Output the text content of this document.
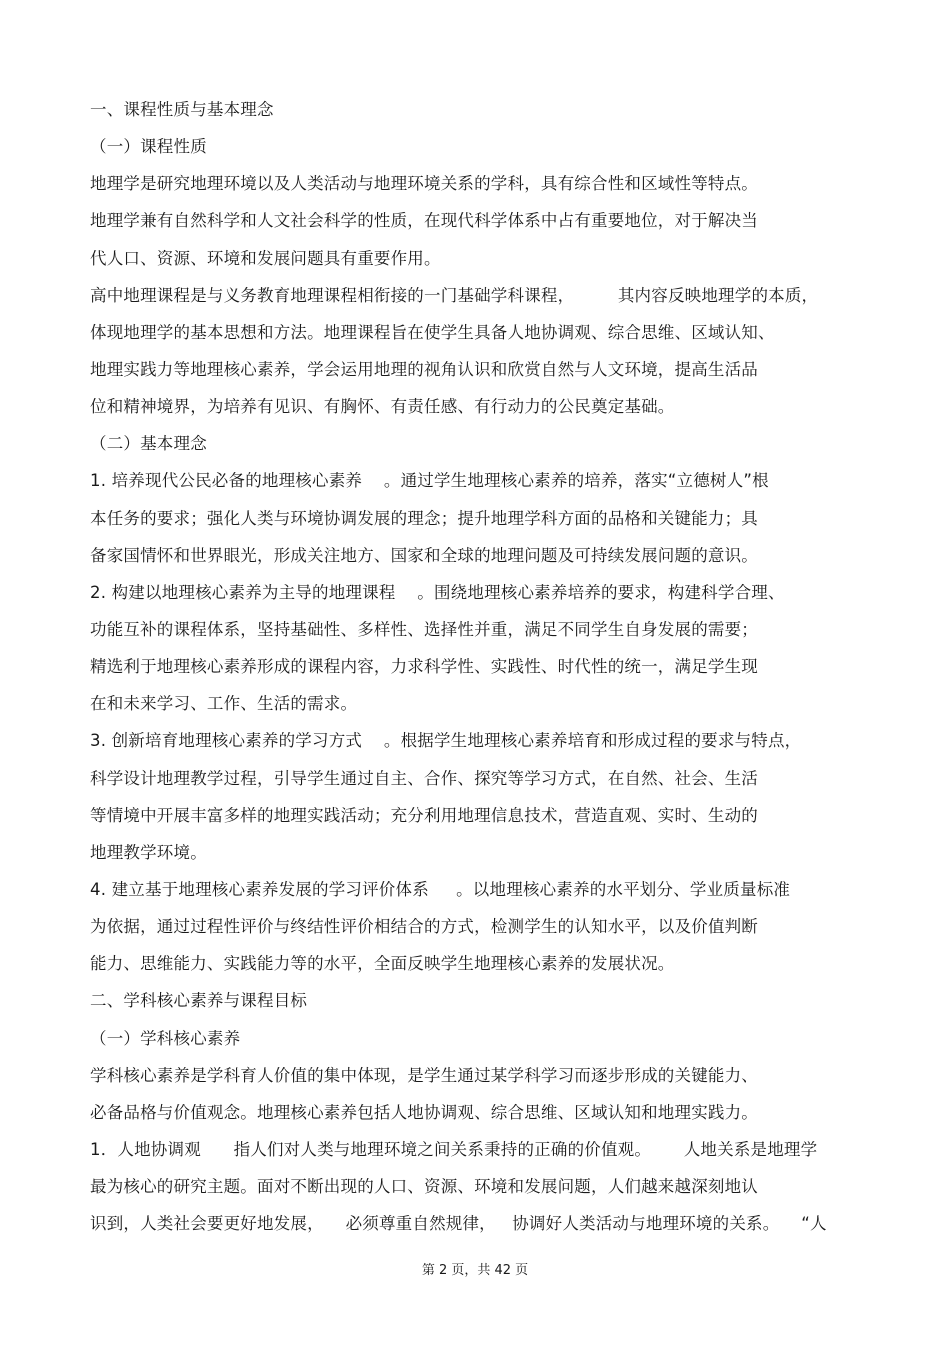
一、课程性质与基本理念
（一）课程性质
地理学是研究地理环境以及人类活动与地理环境关系的学科，具有综合性和区域性等特点。
地理学兼有自然科学和人文社会科学的性质，在现代科学体系中占有重要地位，对于解决当
代人口、资源、环境和发展问题具有重要作用。
高中地理课程是与义务教育地理课程相衔接的一门基础学科课程，        其内容反映地理学的本质，
体现地理学的基本思想和方法。地理课程旨在使学生具备人地协调观、综合思维、区域认知、
地理实践力等地理核心素养，学会运用地理的视角认识和欣赏自然与人文环境，提高生活品
位和精神境界，为培养有见识、有胸怀、有责任感、有行动力的公民奠定基础。
（二）基本理念
1. 培养现代公民必备的地理核心素养    。通过学生地理核心素养的培养，落实“立德树人”根
本任务的要求；强化人类与环境协调发展的理念；提升地理学科方面的品格和关键能力；具
备家国情怀和世界眼光，形成关注地方、国家和全球的地理问题及可持续发展问题的意识。
2. 构建以地理核心素养为主导的地理课程    。围绕地理核心素养培养的要求，构建科学合理、
功能互补的课程体系，坚持基础性、多样性、选择性并重，满足不同学生自身发展的需要；
精选利于地理核心素养形成的课程内容，力求科学性、实践性、时代性的统一，满足学生现
在和未来学习、工作、生活的需求。
3. 创新培育地理核心素养的学习方式    。根据学生地理核心素养培育和形成过程的要求与特点，
科学设计地理教学过程，引导学生通过自主、合作、探究等学习方式，在自然、社会、生活
等情境中开展丰富多样的地理实践活动；充分利用地理信息技术，营造直观、实时、生动的
地理教学环境。
4. 建立基于地理核心素养发展的学习评价体系     。以地理核心素养的水平划分、学业质量标准
为依据，通过过程性评价与终结性评价相结合的方式，检测学生的认知水平，以及价值判断
能力、思维能力、实践能力等的水平，全面反映学生地理核心素养的发展状况。
二、学科核心素养与课程目标
（一）学科核心素养
学科核心素养是学科育人价值的集中体现，是学生通过某学科学习而逐步形成的关键能力、
必备品格与价值观念。地理核心素养包括人地协调观、综合思维、区域认知和地理实践力。
1．人地协调观      指人们对人类与地理环境之间关系秉持的正确的价值观。      人地关系是地理学
最为核心的研究主题。面对不断出现的人口、资源、环境和发展问题，人们越来越深刻地认
识到，人类社会要更好地发展，    必须尊重自然规律，   协调好人类活动与地理环境的关系。    “人
第 2 页，共 42 页
